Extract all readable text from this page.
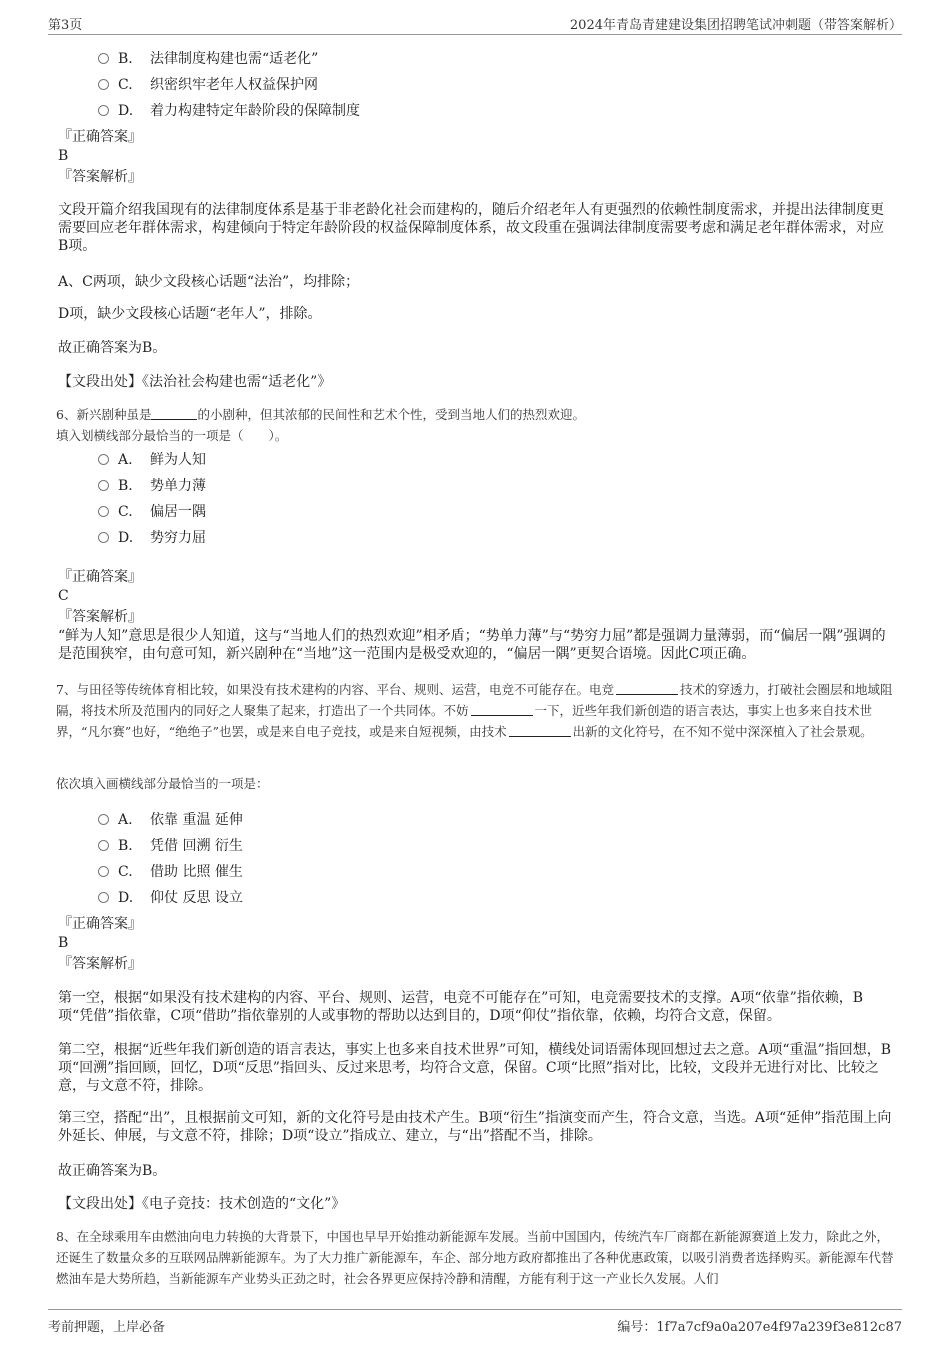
第3页	2024年青岛青建建设集团招聘笔试冲刺题（带答案解析）
B. 法律制度构建也需“适老化”
C. 织密织牢老年人权益保护网
D. 着力构建特定年龄阶段的保障制度
『正确答案』
B
『答案解析』
文段开篇介绍我国现有的法律制度体系是基于非老龄化社会而建构的，随后介绍老年人有更强烈的依赖性制度需求，并提出法律制度更需要回应老年群体需求，构建倾向于特定年龄阶段的权益保障制度体系，故文段重在强调法律制度需要考虑和满足老年群体需求，对应B项。
A、C两项，缺少文段核心话题“法治”，均排除；
D项，缺少文段核心话题“老年人”，排除。
故正确答案为B。
【文段出处】《法治社会构建也需“适老化”》
6、新兴剧种虽是	的小剧种，但其浓郁的民间性和艺术个性，受到当地人们的热烈欢迎。
填入划横线部分最恰当的一项是（　　）。
A. 鲜为人知
B. 势单力薄
C. 偏居一隅
D. 势穷力屈
『正确答案』
C
『答案解析』
“鲜为人知”意思是很少人知道，这与“当地人们的热烈欢迎”相矛盾；“势单力薄”与“势穷力屈”都是强调力量薄弱，而“偏居一隅”强调的是范围狭窄，由句意可知，新兴剧种在“当地”这一范围内是极受欢迎的，“偏居一隅”更契合语境。因此C项正确。
7、与田径等传统体育相比较，如果没有技术建构的内容、平台、规则、运营，电竞不可能存在。电竞	技术的穿透力，打破社会圈层和地域阻隔，将技术所及范围内的同好之人聚集了起来，打造出了一个共同体。不妨	一下，近些年我们新创造的语言表达，事实上也多来自技术世界，“凡尔赛”也好，“绝绝子”也罢，或是来自电子竞技，或是来自短视频，由技术	出新的文化符号，在不知不觉中深深植入了社会景观。
依次填入画横线部分最恰当的一项是：
A. 依靠 重温 延伸
B. 凭借 回溯 衍生
C. 借助 比照 催生
D. 仰仗 反思 设立
『正确答案』
B
『答案解析』
第一空，根据“如果没有技术建构的内容、平台、规则、运营，电竞不可能存在”可知，电竞需要技术的支撑。A项“依靠”指依赖，B项“凭借”指依靠，C项“借助”指依靠别的人或事物的帮助以达到目的，D项“仰仗”指依靠，依赖，均符合文意，保留。
第二空，根据“近些年我们新创造的语言表达，事实上也多来自技术世界”可知，横线处词语需体现回想过去之意。A项“重温”指回想，B项“回溯”指回顾，回忆，D项“反思”指回头、反过来思考，均符合文意，保留。C项“比照”指对比，比较，文段并无进行对比、比较之意，与文意不符，排除。
第三空，搭配“出”，且根据前文可知，新的文化符号是由技术产生。B项“衍生”指演变而产生，符合文意，当选。A项“延伸”指范围上向外延长、伸展，与文意不符，排除；D项“设立”指成立、建立，与“出”搭配不当，排除。
故正确答案为B。
【文段出处】《电子竞技：技术创造的“文化”》
8、在全球乘用车由燃油向电力转换的大背景下，中国也早早开始推动新能源车发展。当前中国国内，传统汽车厂商都在新能源赛道上发力，除此之外，还诞生了数量众多的互联网品牌新能源车。为了大力推广新能源车，车企、部分地方政府都推出了各种优惠政策，以吸引消费者选择购买。新能源车代替燃油车是大势所趋，当新能源车产业势头正劲之时，社会各界更应保持冷静和清醒，方能有利于这一产业长久发展。人们
考前押题，上岸必备	编号：1f7a7cf9a0a207e4f97a239f3e812c87
